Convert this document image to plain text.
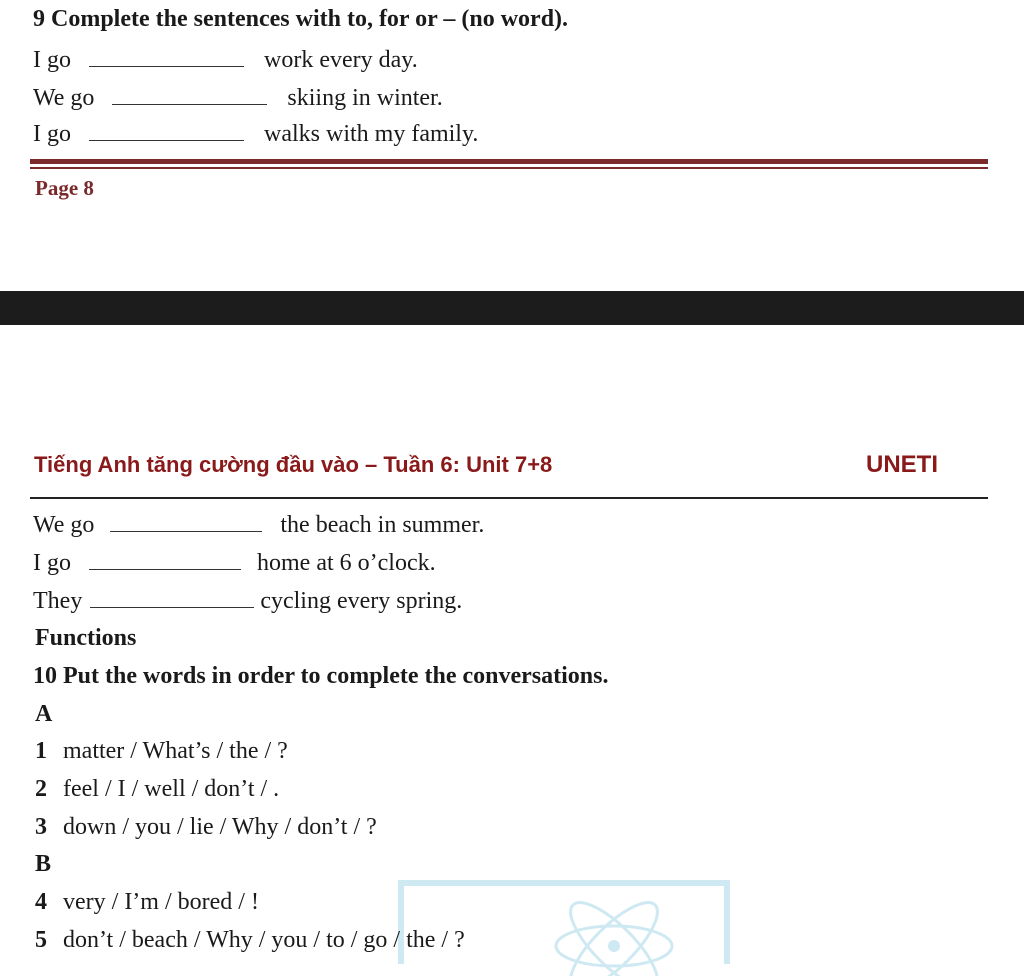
9 Complete the sentences with to, for or – (no word).
I go	work every day.
We go	skiing in winter.
I go	walks with my family.
Page 8
Tiếng Anh tăng cường đầu vào – Tuần 6: Unit 7+8	UNETI
We go	the beach in summer.
I go	home at 6 o’clock.
They	cycling every spring.
Functions
10 Put the words in order to complete the conversations.
A
1 matter / What’s / the / ?
2 feel / I / well / don’t / .
3 down / you / lie / Why / don’t / ?
B
4 very / I’m / bored / !
5 don’t / beach / Why / you / to / go / the / ?
